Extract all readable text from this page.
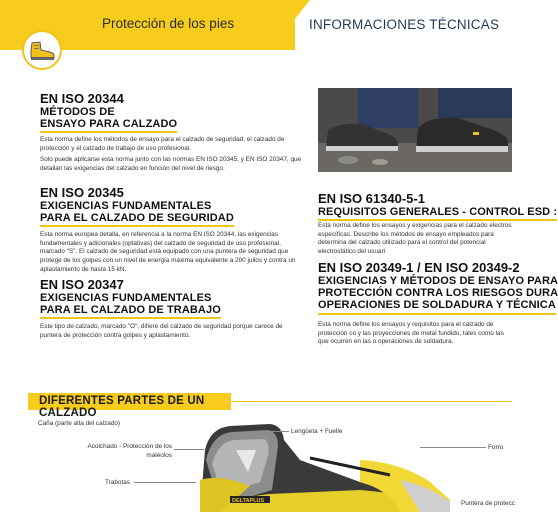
Protección de los pies	INFORMACIONES TÉCNICAS
EN ISO 20344
MÉTODOS DE
ENSAYO PARA CALZADO
Esta norma define los métodos de ensayo para el calzado de seguridad, el calzado de protección y el calzado de trabajo de uso profesional.
Solo puede aplicarse esta norma junto con las normas EN ISO 20345, y EN ISO 20347, que detallan las exigencias del calzado en función del nivel de riesgo.
EN ISO 20345
EXIGENCIAS FUNDAMENTALES
PARA EL CALZADO DE SEGURIDAD
Esta norma europea detalla, en referencia a la norma EN ISO 20344, las exigencias fundamentales y adicionales (optativas) del calzado de seguridad de uso profesional, marcado "S". El calzado de seguridad está equipado con una puntera de seguridad que protege de los golpes con un nivel de energía máxima equivalente a 200 julios y contra un aplastamiento de hasta 15 kN.
EN ISO 20347
EXIGENCIAS FUNDAMENTALES
PARA EL CALZADO DE TRABAJO
Este tipo de calzado, marcado "O", difiere del calzado de seguridad porque carece de puntera de protección contra golpes y aplastamiento.
EN ISO 61340-5-1
REQUISITOS GENERALES - CONTROL ESD :
Esta norma define los ensayos y exigencias para el calzado electros específicas. Describe los métodos de ensayo empleados para determina del calzado utilizado para el control del potencial electrostático del usuari
EN ISO 20349-1 / EN ISO 20349-2
EXIGENCIAS Y MÉTODOS DE ENSAYO PARA
PROTECCIÓN CONTRA LOS RIESGOS DURA
OPERACIONES DE SOLDADURA Y TÉCNICA
Esta norma define los ensayos y requisitos para el calzado de protección co y las proyecciones de metal fundido, tales como las que ocurren en las o operaciones de soldadura.
DIFERENTES PARTES DE UN CALZADO
DELTAPLUS
Caña (parte alta del calzado)
Acolchado - Protección de los
maléolos
Trabotas
Lengüeta + Fuelle
Forro
Puntera de protecc
